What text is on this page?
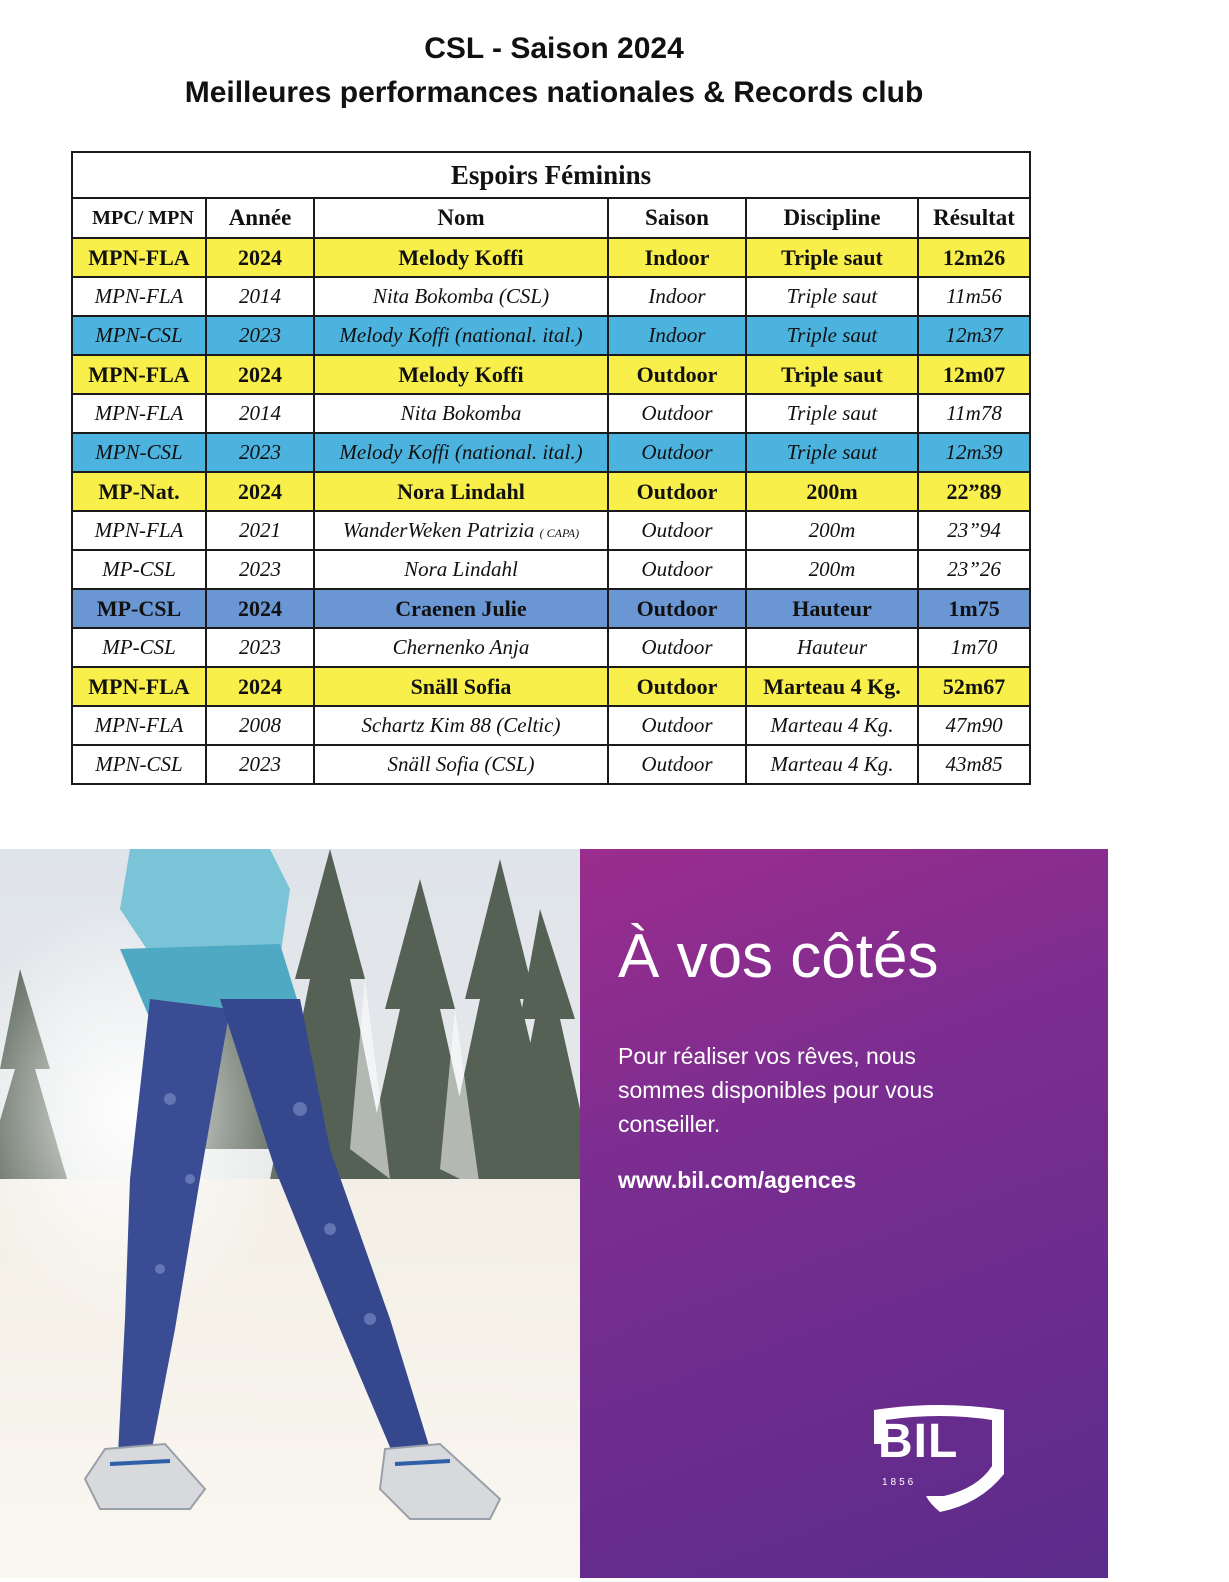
CSL - Saison 2024
Meilleures performances nationales & Records club
Espoirs Féminins					
MPC/ MPN	Année	Nom	Saison	Discipline	Résultat
MPN-FLA	2024	Melody Koffi	Indoor	Triple saut	12m26
MPN-FLA	2014	Nita Bokomba (CSL)	Indoor	Triple saut	11m56
MPN-CSL	2023	Melody Koffi (national. ital.)	Indoor	Triple saut	12m37
MPN-FLA	2024	Melody Koffi	Outdoor	Triple saut	12m07
MPN-FLA	2014	Nita Bokomba	Outdoor	Triple saut	11m78
MPN-CSL	2023	Melody Koffi (national. ital.)	Outdoor	Triple saut	12m39
MP-Nat.	2024	Nora Lindahl	Outdoor	200m	22”89
MPN-FLA	2021	WanderWeken Patrizia ( CAPA)	Outdoor	200m	23”94
MP-CSL	2023	Nora Lindahl	Outdoor	200m	23”26
MP-CSL	2024	Craenen Julie	Outdoor	Hauteur	1m75
MP-CSL	2023	Chernenko Anja	Outdoor	Hauteur	1m70
MPN-FLA	2024	Snäll Sofia	Outdoor	Marteau 4 Kg.	52m67
MPN-FLA	2008	Schartz Kim 88 (Celtic)	Outdoor	Marteau 4 Kg.	47m90
MPN-CSL	2023	Snäll Sofia (CSL)	Outdoor	Marteau 4 Kg.	43m85
À vos côtés
Pour réaliser vos rêves, nous sommes disponibles pour vous conseiller.
www.bil.com/agences	Banque Internationale à Luxembourg S.A., 69, route d'Esch, L-2953 Luxembourg, RCS Luxembourg B-6307, (+352) 4590-5000, bil.com
BIL
1856
